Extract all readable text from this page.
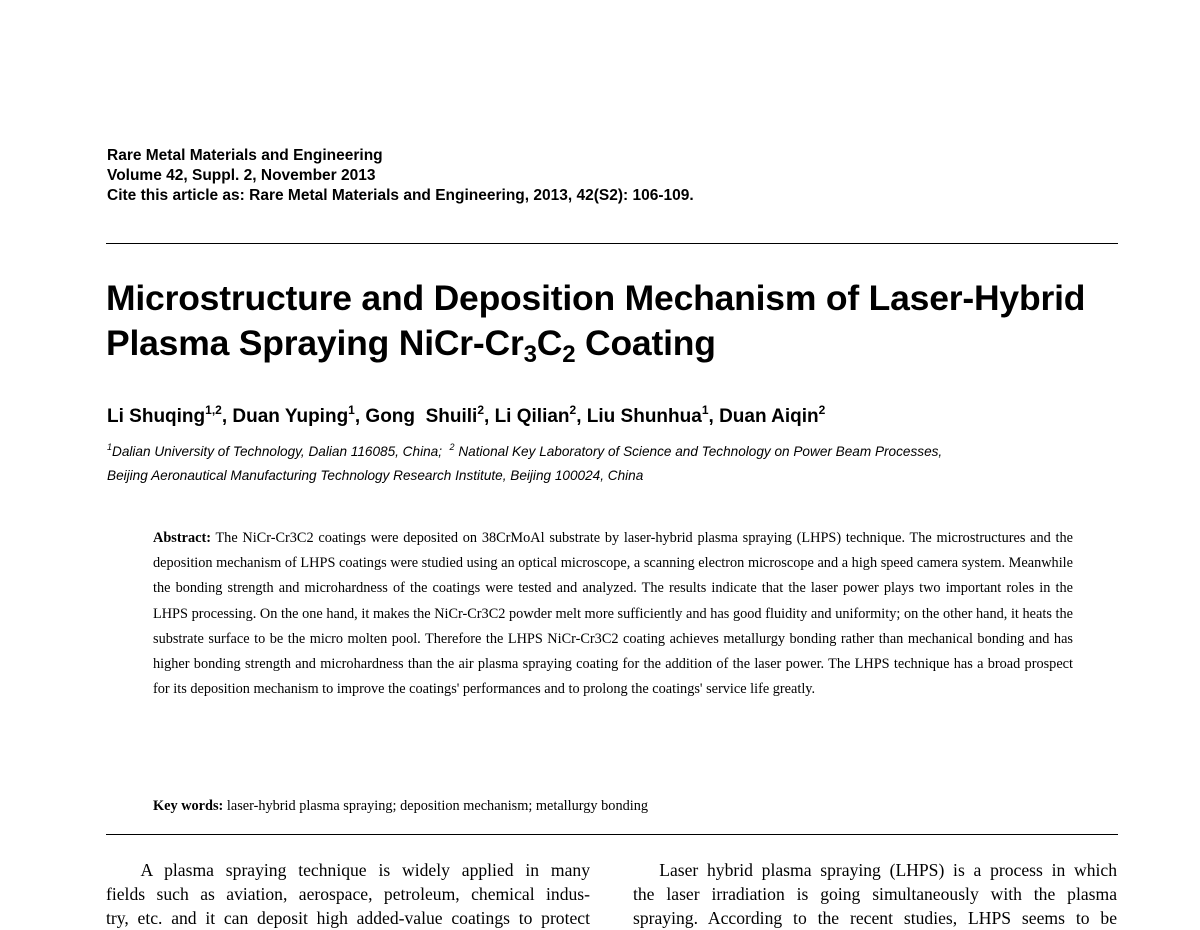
Rare Metal Materials and Engineering
Volume 42, Suppl. 2, November 2013
Cite this article as: Rare Metal Materials and Engineering, 2013, 42(S2): 106-109.
Microstructure and Deposition Mechanism of Laser-Hybrid
Plasma Spraying NiCr-Cr3C2 Coating
Li Shuqing$^{1,2}$, Duan Yuping$^1$, Gong  Shuili$^2$, Li Qilian$^2$, Liu Shunhua$^1$, Duan Aiqin$^2$
$^1$Dalian University of Technology, Dalian 116085, China; $^2$ National Key Laboratory of Science and Technology on Power Beam Processes,
Beijing Aeronautical Manufacturing Technology Research Institute, Beijing 100024, China
Abstract: The NiCr-Cr3C2 coatings were deposited on 38CrMoAl substrate by laser-hybrid plasma spraying (LHPS) technique. The microstructures and the deposition mechanism of LHPS coatings were studied using an optical microscope, a scanning electron microscope and a high speed camera system. Meanwhile the bonding strength and microhardness of the coatings were tested and analyzed. The results indicate that the laser power plays two important roles in the LHPS processing. On the one hand, it makes the NiCr-Cr3C2 powder melt more sufficiently and has good fluidity and uniformity; on the other hand, it heats the substrate surface to be the micro molten pool. Therefore the LHPS NiCr-Cr3C2 coating achieves metallurgy bonding rather than mechanical bonding and has higher bonding strength and microhardness than the air plasma spraying coating for the addition of the laser power. The LHPS technique has a broad prospect for its deposition mechanism to improve the coatings' performances and to prolong the coatings' service life greatly.
Key words: laser-hybrid plasma spraying; deposition mechanism; metallurgy bonding
A plasma spraying technique is widely applied in many
fields such as aviation, aerospace, petroleum, chemical indus-
try, etc. and it can deposit high added-value coatings to protect
Laser hybrid plasma spraying (LHPS) is a process in which
the laser irradiation is going simultaneously with the plasma
spraying. According to the recent studies, LHPS seems to be
